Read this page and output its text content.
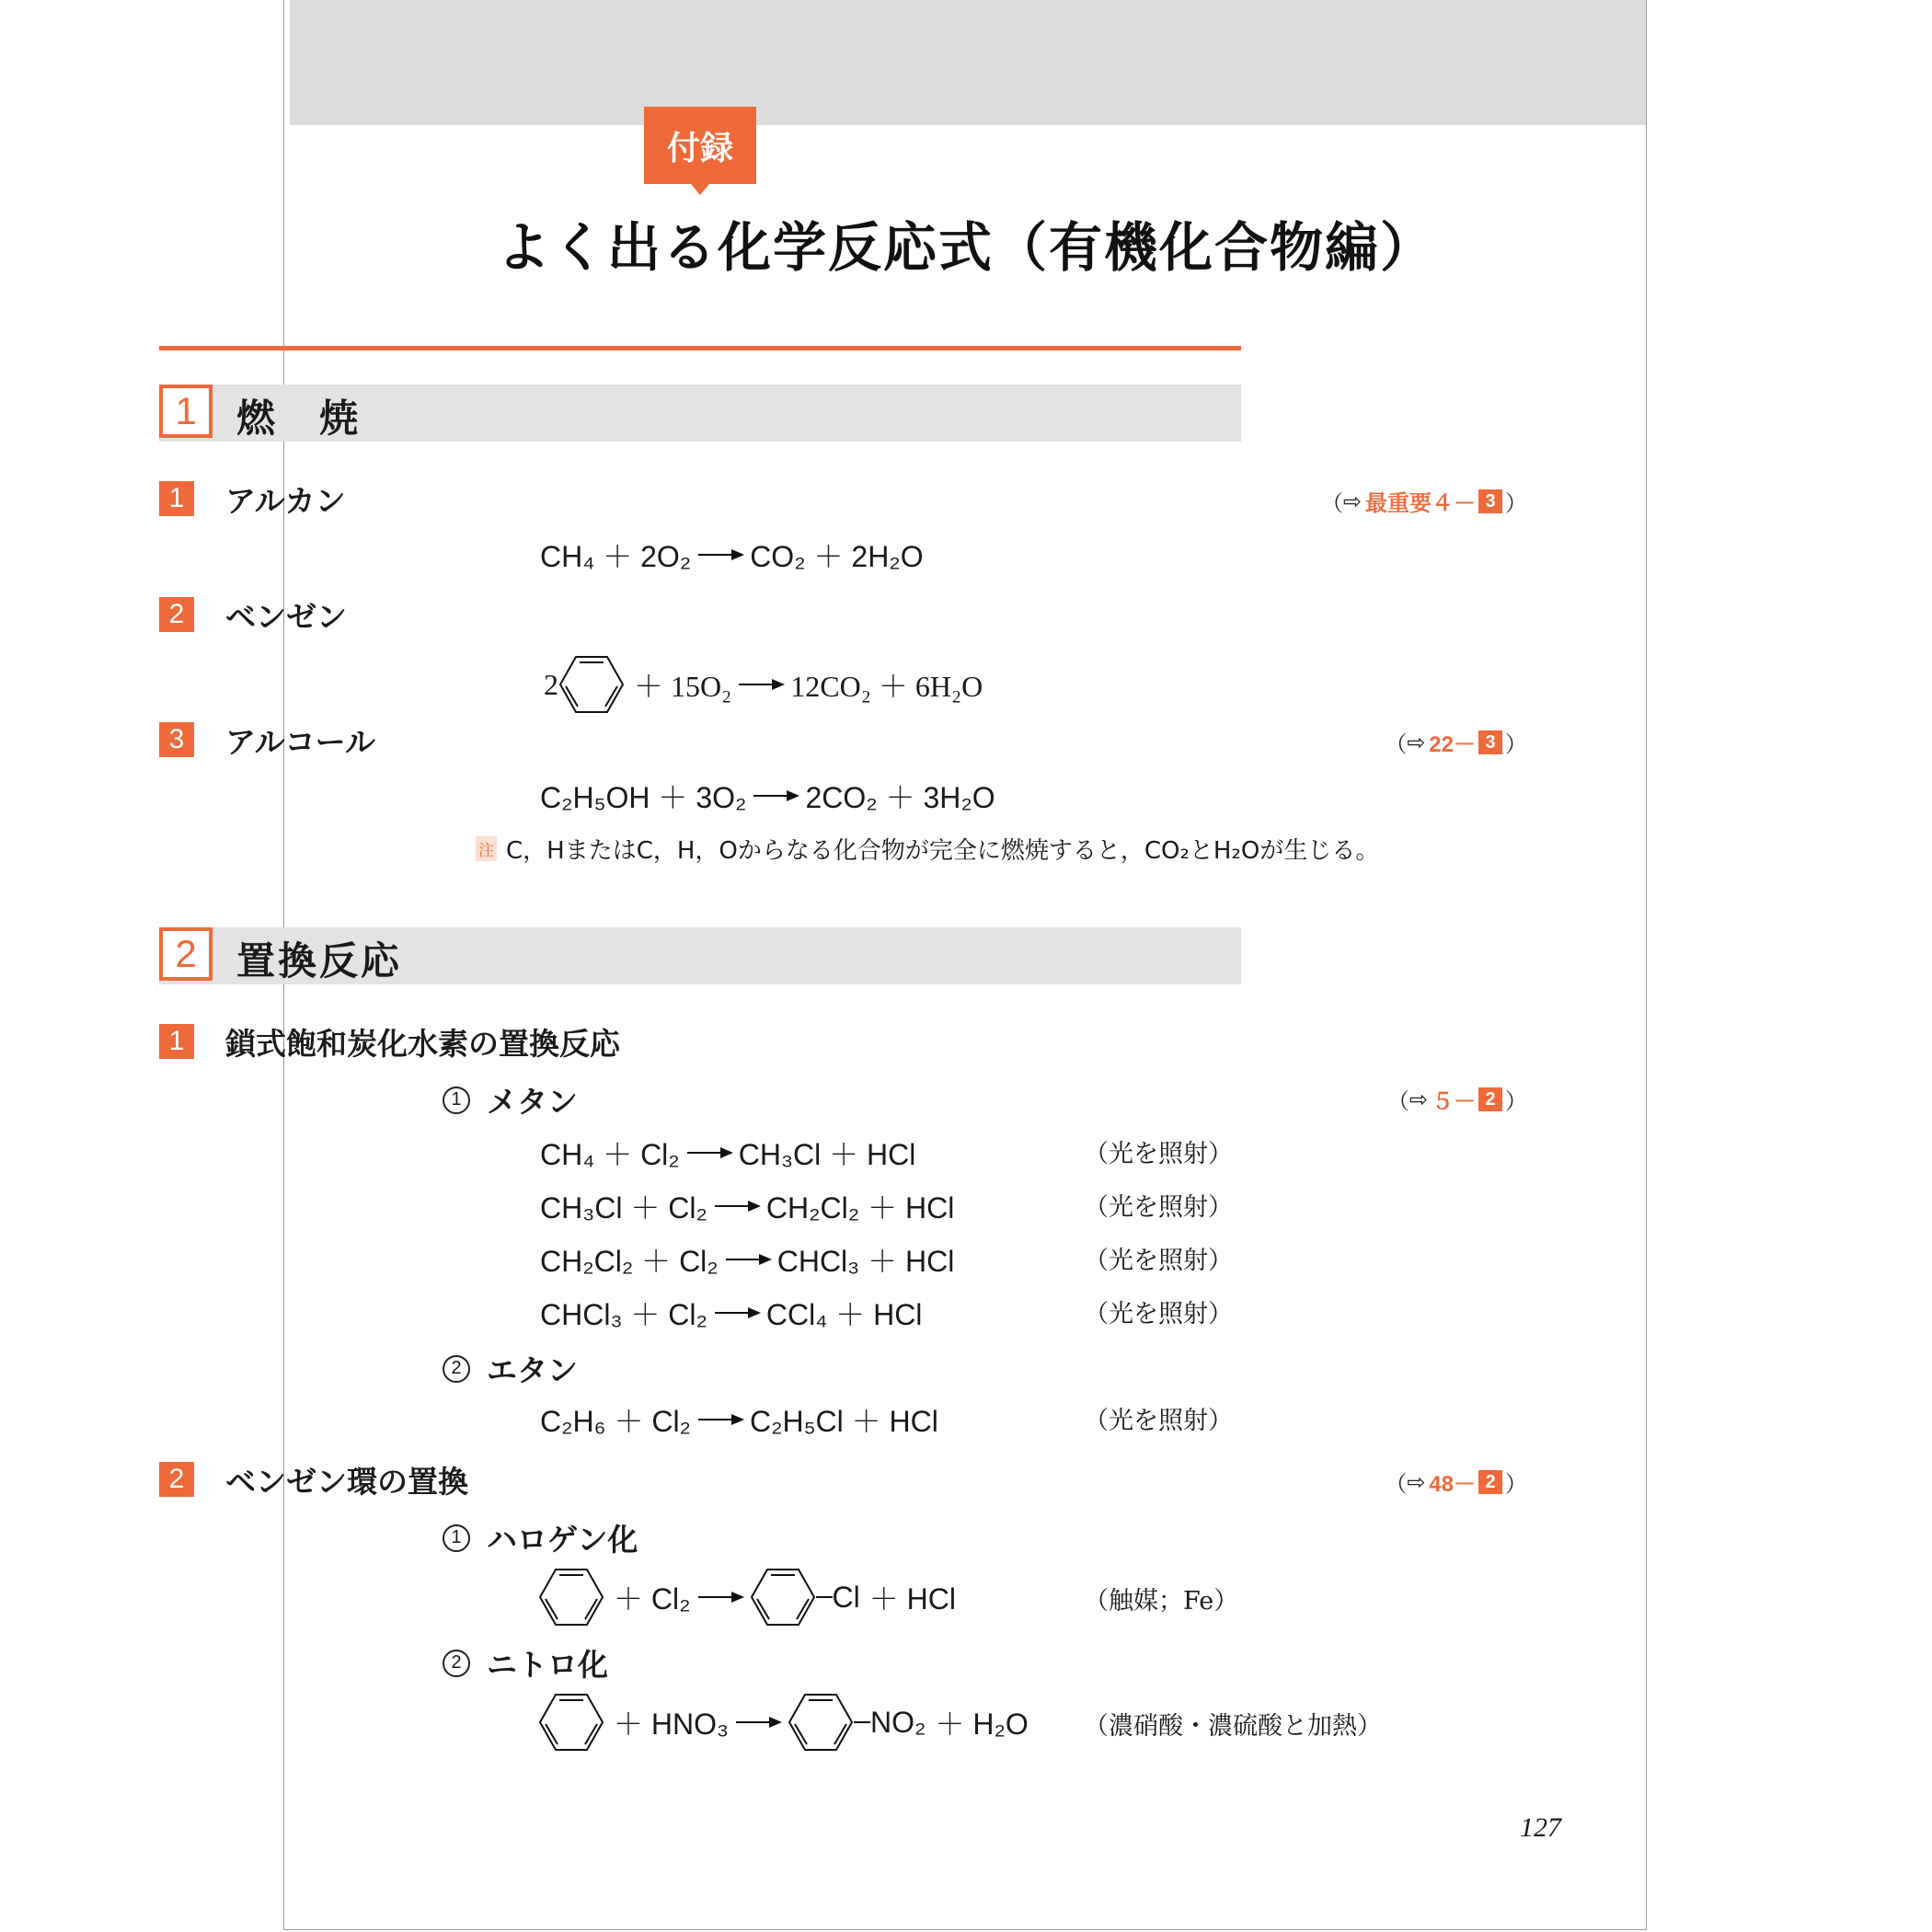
付録
よく出る化学反応式（有機化合物編）
1	燃　焼
1	アルカン	（ ⇨ 最重要４－ 3 ）
CH₄ ＋ 2O₂ → CO₂ ＋ 2H₂O
2	ベンゼン
2	＋ 15O₂ → 12CO₂ ＋ 6H₂O
3	アルコール	（ ⇨ 22－ 3 ）
C₂H₅OH ＋ 3O₂ → 2CO₂ ＋ 3H₂O
注 C，HまたはC，H，Oからなる化合物が完全に燃焼すると，CO₂とH₂Oが生じる。
2	置換反応
1	鎖式飽和炭化水素の置換反応
1 メタン	（ ⇨ ５－ 2 ）
CH₄ ＋ Cl₂ → CH₃Cl ＋ HCl	（光を照射）
CH₃Cl ＋ Cl₂ → CH₂Cl₂ ＋ HCl	（光を照射）
CH₂Cl₂ ＋ Cl₂ → CHCl₃ ＋ HCl	（光を照射）
CHCl₃ ＋ Cl₂ → CCl₄ ＋ HCl	（光を照射）
2 エタン
C₂H₆ ＋ Cl₂ → C₂H₅Cl ＋ HCl	（光を照射）
2	ベンゼン環の置換	（ ⇨ 48－ 2 ）
1 ハロゲン化
＋ Cl₂ →	Cl ＋ HCl	（触媒；Fe）
2 ニトロ化
＋ HNO₃ →	NO₂ ＋ H₂O （濃硝酸・濃硫酸と加熱）
127
